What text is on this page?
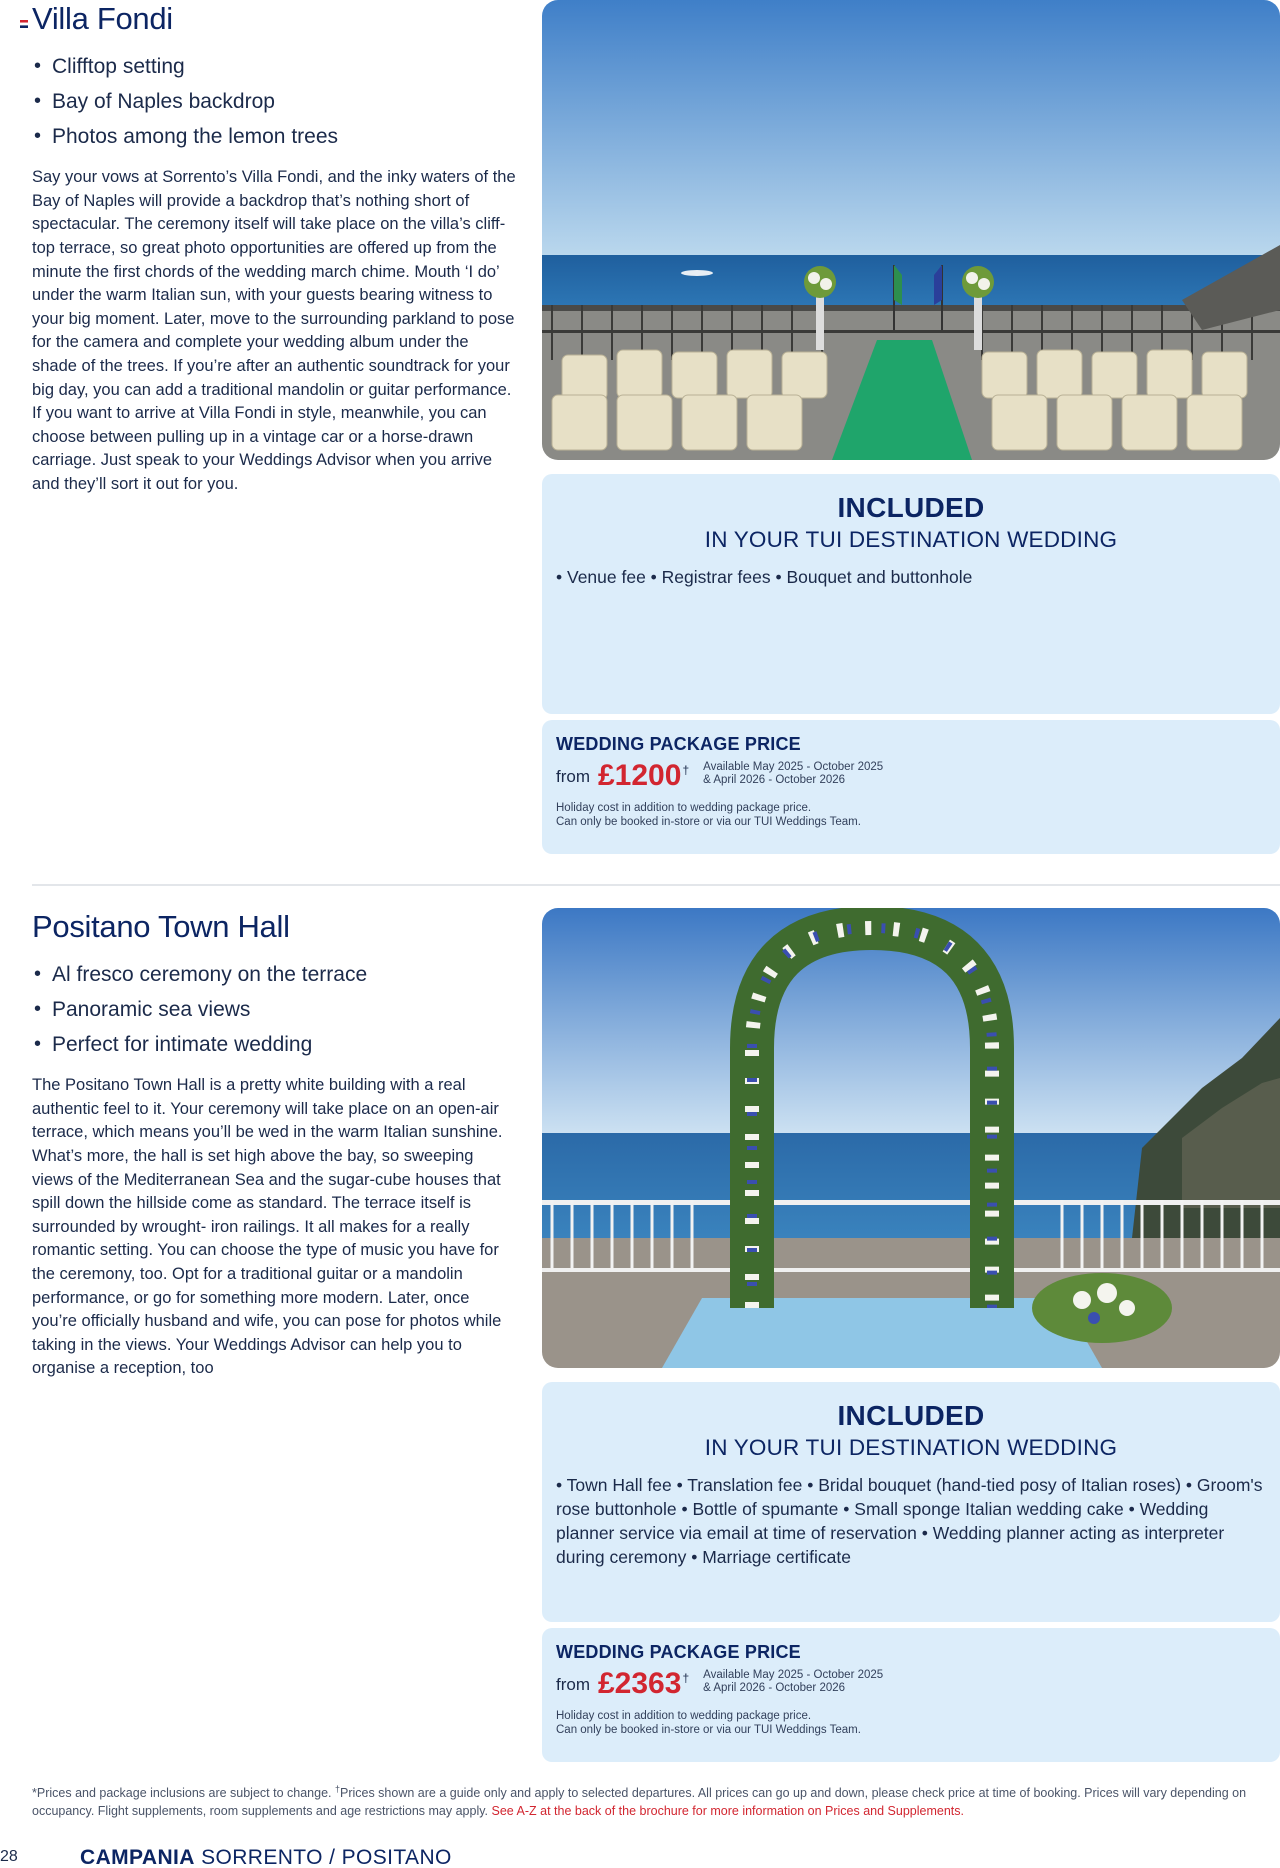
Villa Fondi
• Clifftop setting
• Bay of Naples backdrop
• Photos among the lemon trees

Say your vows at Sorrento’s Villa Fondi, and the inky waters of the Bay of Naples will provide a backdrop that’s nothing short of spectacular. The ceremony itself will take place on the villa’s cliff-top terrace, so great photo opportunities are offered up from the minute the first chords of the wedding march chime. Mouth ‘I do’ under the warm Italian sun, with your guests bearing witness to your big moment. Later, move to the surrounding parkland to pose for the camera and complete your wedding album under the shade of the trees. If you’re after an authentic soundtrack for your big day, you can add a traditional mandolin or guitar performance. If you want to arrive at Villa Fondi in style, meanwhile, you can choose between pulling up in a vintage car or a horse-drawn carriage. Just speak to your Weddings Advisor when you arrive and they’ll sort it out for you.

INCLUDED
IN YOUR TUI DESTINATION WEDDING
• Venue fee • Registrar fees • Bouquet and buttonhole
WEDDING PACKAGE PRICE
from £1200 † Available May 2025 - October 2025
& April 2026 - October 2026
Holiday cost in addition to wedding package price.
Can only be booked in-store or via our TUI Weddings Team.
Positano Town Hall
• Al fresco ceremony on the terrace
• Panoramic sea views
• Perfect for intimate wedding

The Positano Town Hall is a pretty white building with a real authentic feel to it. Your ceremony will take place on an open-air terrace, which means you’ll be wed in the warm Italian sunshine. What’s more, the hall is set high above the bay, so sweeping views of the Mediterranean Sea and the sugar-cube houses that spill down the hillside come as standard. The terrace itself is surrounded by wrought- iron railings. It all makes for a really romantic setting. You can choose the type of music you have for the ceremony, too. Opt for a traditional guitar or a mandolin performance, or go for something more modern. Later, once you’re officially husband and wife, you can pose for photos while taking in the views. Your Weddings Advisor can help you to organise a reception, too

INCLUDED
IN YOUR TUI DESTINATION WEDDING
• Town Hall fee • Translation fee • Bridal bouquet (hand-tied posy of Italian roses) • Groom's rose buttonhole • Bottle of spumante • Small sponge Italian wedding cake • Wedding planner service via email at time of reservation • Wedding planner acting as interpreter during ceremony • Marriage certificate
WEDDING PACKAGE PRICE
from £2363 † Available May 2025 - October 2025
& April 2026 - October 2026
Holiday cost in addition to wedding package price.
Can only be booked in-store or via our TUI Weddings Team.
*Prices and package inclusions are subject to change. †Prices shown are a guide only and apply to selected departures. All prices can go up and down, please check price at time of booking. Prices will vary depending on occupancy. Flight supplements, room supplements and age restrictions may apply. See A-Z at the back of the brochure for more information on Prices and Supplements.
28	CAMPANIA SORRENTO / POSITANO
